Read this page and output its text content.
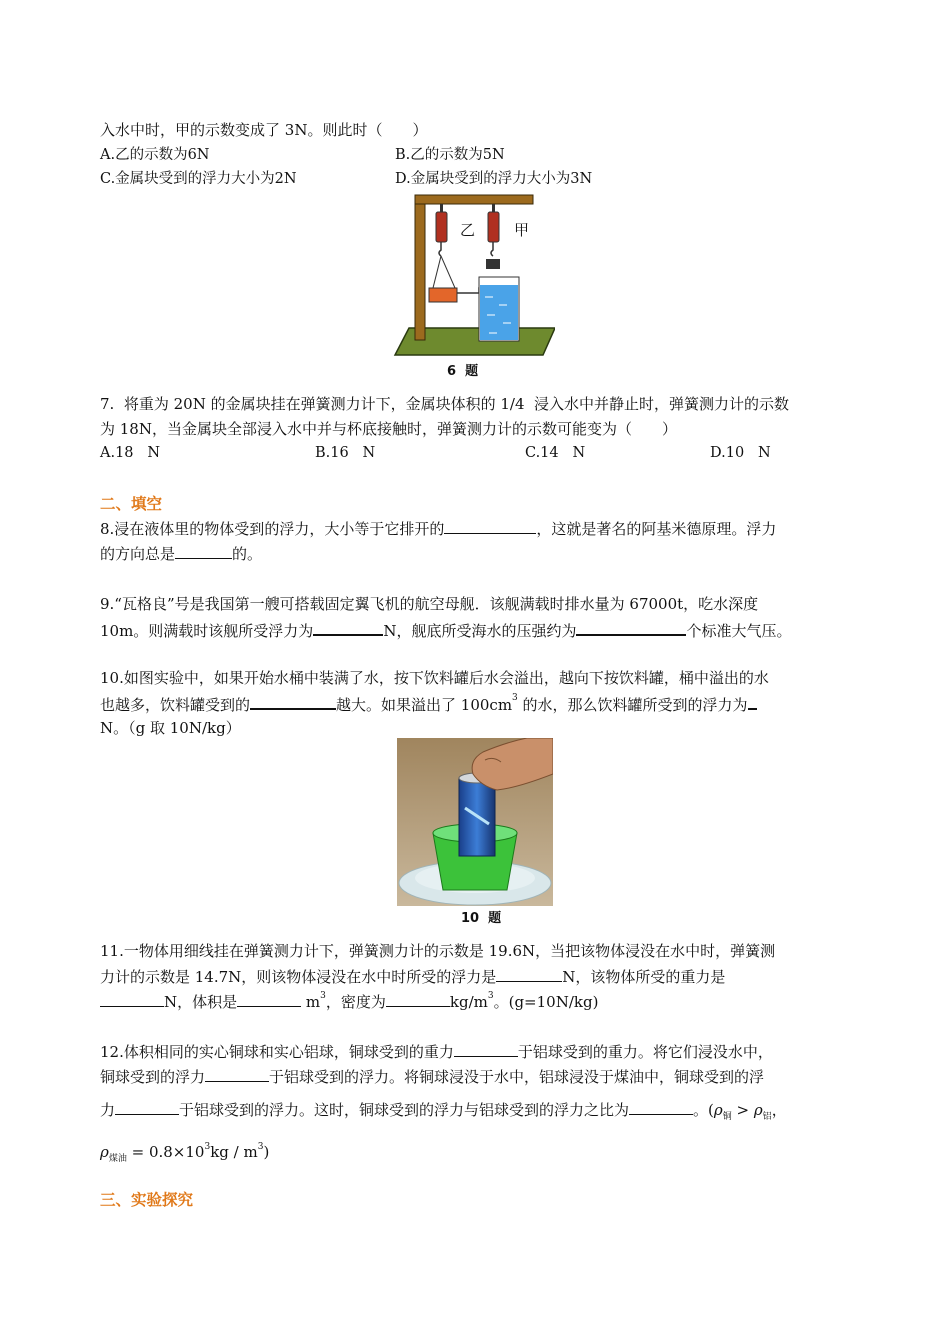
入水中时，甲的示数变成了 3N。则此时（　　）
A.乙的示数为6N	B.乙的示数为5N
C.金属块受到的浮力大小为2N	D.金属块受到的浮力大小为3N
乙	甲
6  题
7.  将重为 20N 的金属块挂在弹簧测力计下，金属块体积的 1/4  浸入水中并静止时，弹簧测力计的示数
为 18N，当金属块全部浸入水中并与杯底接触时，弹簧测力计的示数可能变为（　　）
A.18   N	B.16   N	C.14   N	D.10   N
二、填空
8.浸在液体里的物体受到的浮力，大小等于它排开的	，这就是著名的阿基米德原理。浮力
的方向总是	的。
9.“瓦格良”号是我国第一艘可搭载固定翼飞机的航空母舰．该舰满载时排水量为 67000t，吃水深度
10m。则满载时该舰所受浮力为	N，舰底所受海水的压强约为	个标准大气压。
10.如图实验中，如果开始水桶中装满了水，按下饮料罐后水会溢出，越向下按饮料罐，桶中溢出的水
也越多，饮料罐受到的	越大。如果溢出了 $100cm^3$ 的水，那么饮料罐所受到的浮力为
N。（g 取 10N/kg）
10  题
11.一物体用细线挂在弹簧测力计下，弹簧测力计的示数是 19.6N，当把该物体浸没在水中时，弹簧测
力计的示数是 14.7N，则该物体浸没在水中时所受的浮力是	N，该物体所受的重力是
N，体积是	$m^3$，密度为	$kg/m^3$。(g=10N/kg)
12.体积相同的实心铜球和实心铝球，铜球受到的重力	于铝球受到的重力。将它们浸没水中，
铜球受到的浮力	于铝球受到的浮力。将铜球浸没于水中，铝球浸没于煤油中，铜球受到的浮
力	于铝球受到的浮力。这时，铜球受到的浮力与铝球受到的浮力之比为	。($\rho_铜 > \rho_铝$，
$\rho_{煤油} = 0.8\times 10^3kg / m^3$)
三、实验探究
